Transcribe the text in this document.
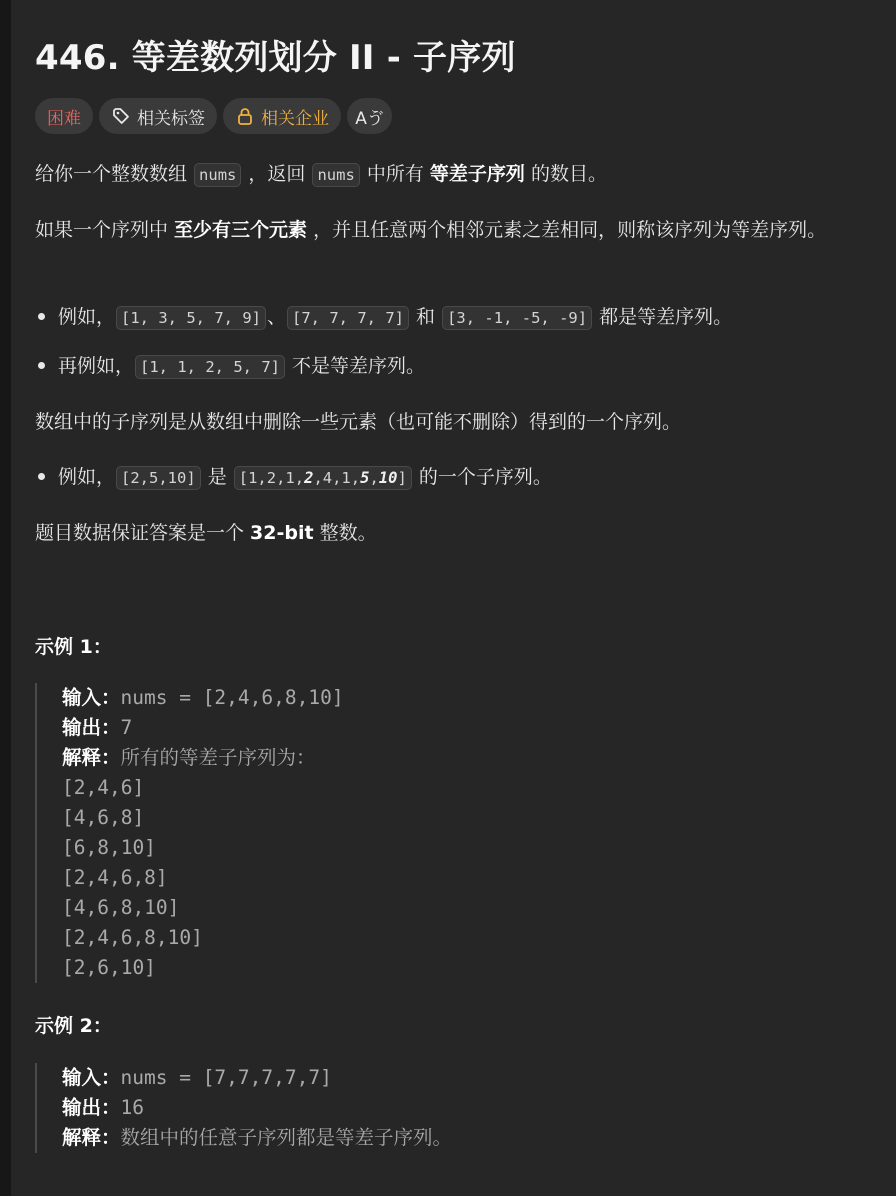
446. 等差数列划分 II - 子序列
困难	相关标签	相关企业 Aゔ
给你一个整数数组 nums ，返回 nums 中所有 等差子序列 的数目。
如果一个序列中 至少有三个元素 ，并且任意两个相邻元素之差相同，则称该序列为等差序列。
例如， [1, 3, 5, 7, 9] 、 [7, 7, 7, 7] 和 [3, -1, -5, -9] 都是等差序列。
再例如， [1, 1, 2, 5, 7] 不是等差序列。
数组中的子序列是从数组中删除一些元素（也可能不删除）得到的一个序列。
例如， [2,5,10] 是 [1,2,1,2,4,1,5,10] 的一个子序列。
题目数据保证答案是一个 32-bit 整数。
示例 1：
输入：nums = [2,4,6,8,10]
输出：7
解释：所有的等差子序列为：
[2,4,6]
[4,6,8]
[6,8,10]
[2,4,6,8]
[4,6,8,10]
[2,4,6,8,10]
[2,6,10]
示例 2：
输入：nums = [7,7,7,7,7]
输出：16
解释：数组中的任意子序列都是等差子序列。
